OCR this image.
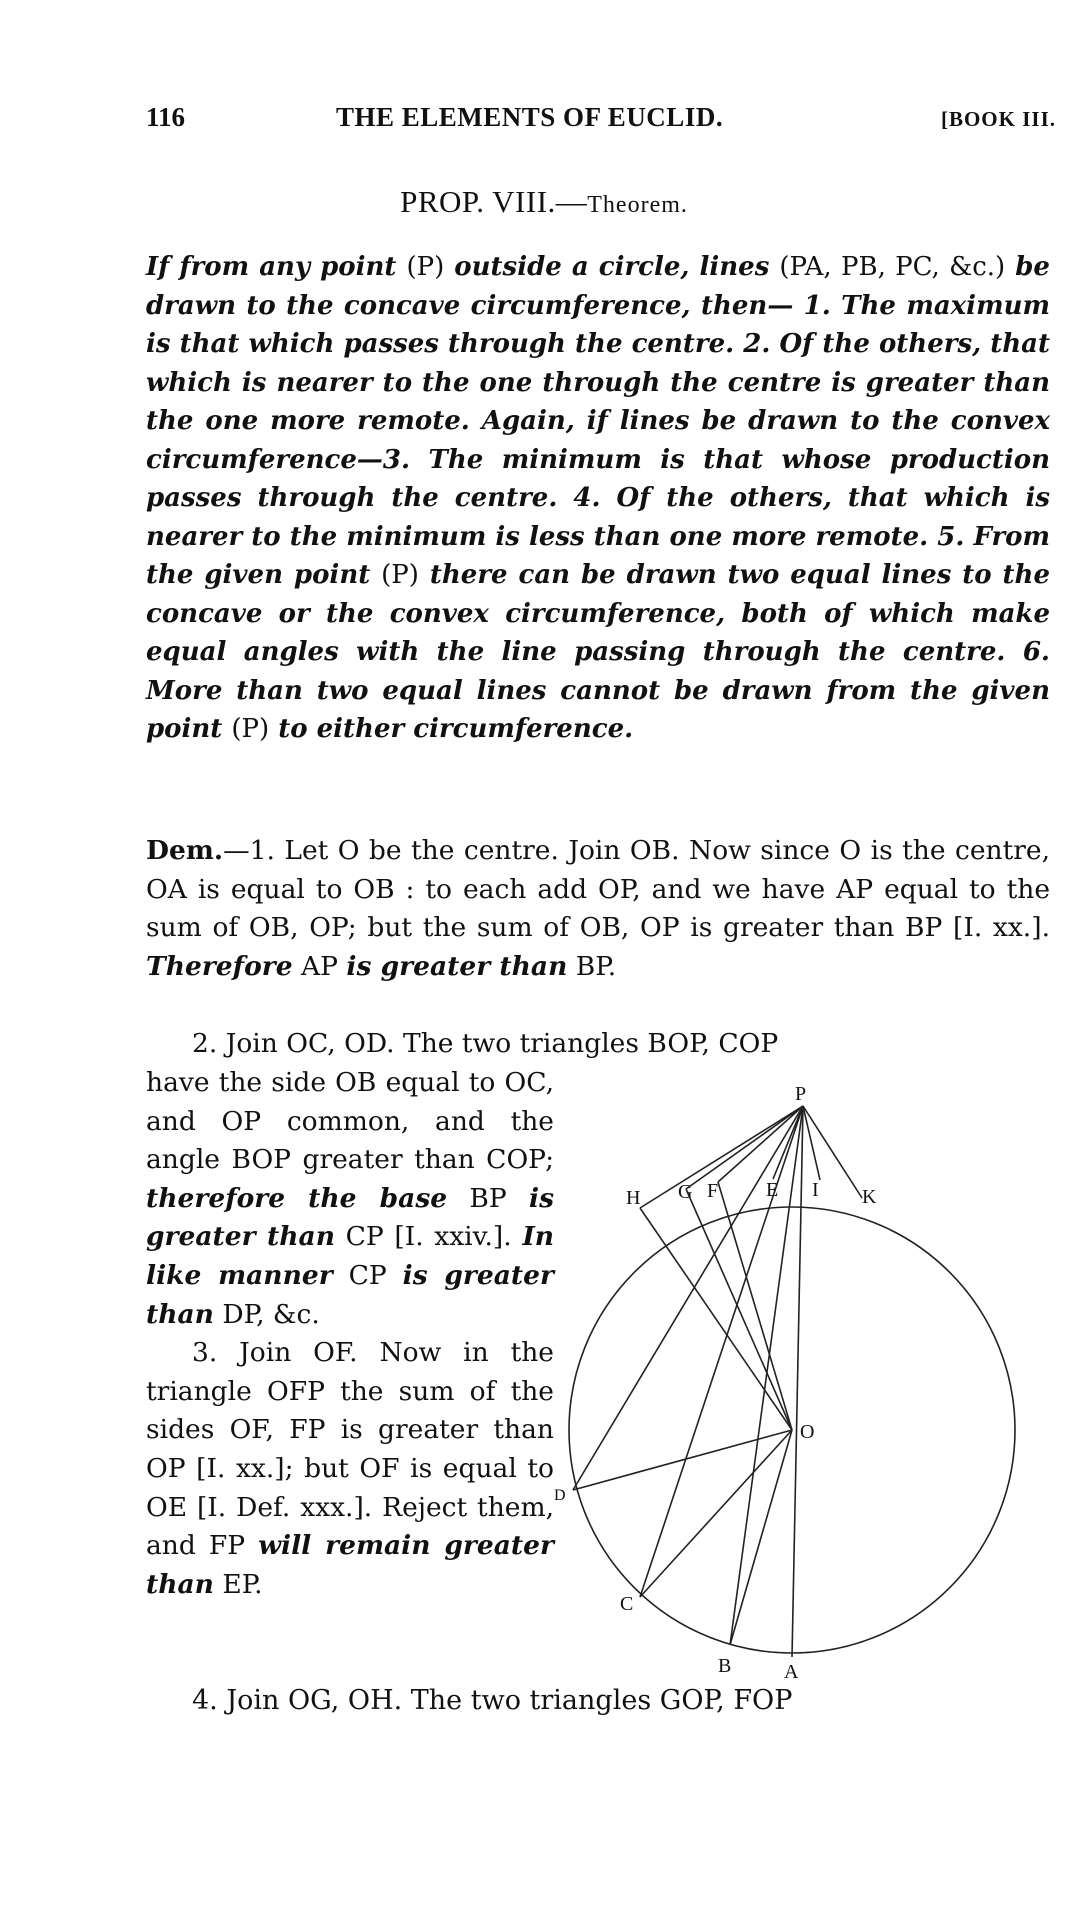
116	THE ELEMENTS OF EUCLID.	[BOOK III.
PROP. VIII.—Theorem.

If from any point (P) outside a circle, lines (PA, PB, PC, &c.) be drawn to the concave circumference, then— 1. The maximum is that which passes through the centre. 2. Of the others, that which is nearer to the one through the centre is greater than the one more remote. Again, if lines be drawn to the convex circumference—3. The minimum is that whose production passes through the centre. 4. Of the others, that which is nearer to the minimum is less than one more remote. 5. From the given point (P) there can be drawn two equal lines to the concave or the convex circumference, both of which make equal angles with the line passing through the centre. 6. More than two equal lines cannot be drawn from the given point (P) to either circumference.

Dem.—1. Let O be the centre. Join OB. Now since O is the centre, OA is equal to OB : to each add OP, and we have AP equal to the sum of OB, OP; but the sum of OB, OP is greater than BP [I. xx.]. Therefore AP is greater than BP.

2. Join OC, OD. The two triangles BOP, COP

have the side OB equal to OC, and OP common, and the angle BOP greater than COP; therefore the base BP is greater than CP [I. xxiv.]. In like manner CP is greater than DP, &c.

3. Join OF. Now in the triangle OFP the sum of the sides OF, FP is greater than OP [I. xx.]; but OF is equal to OE [I. Def. xxx.]. Reject them, and FP will remain greater than EP.

4. Join OG, OH. The two triangles GOP, FOP

P
H G F E I K
O
D
C
B	A
